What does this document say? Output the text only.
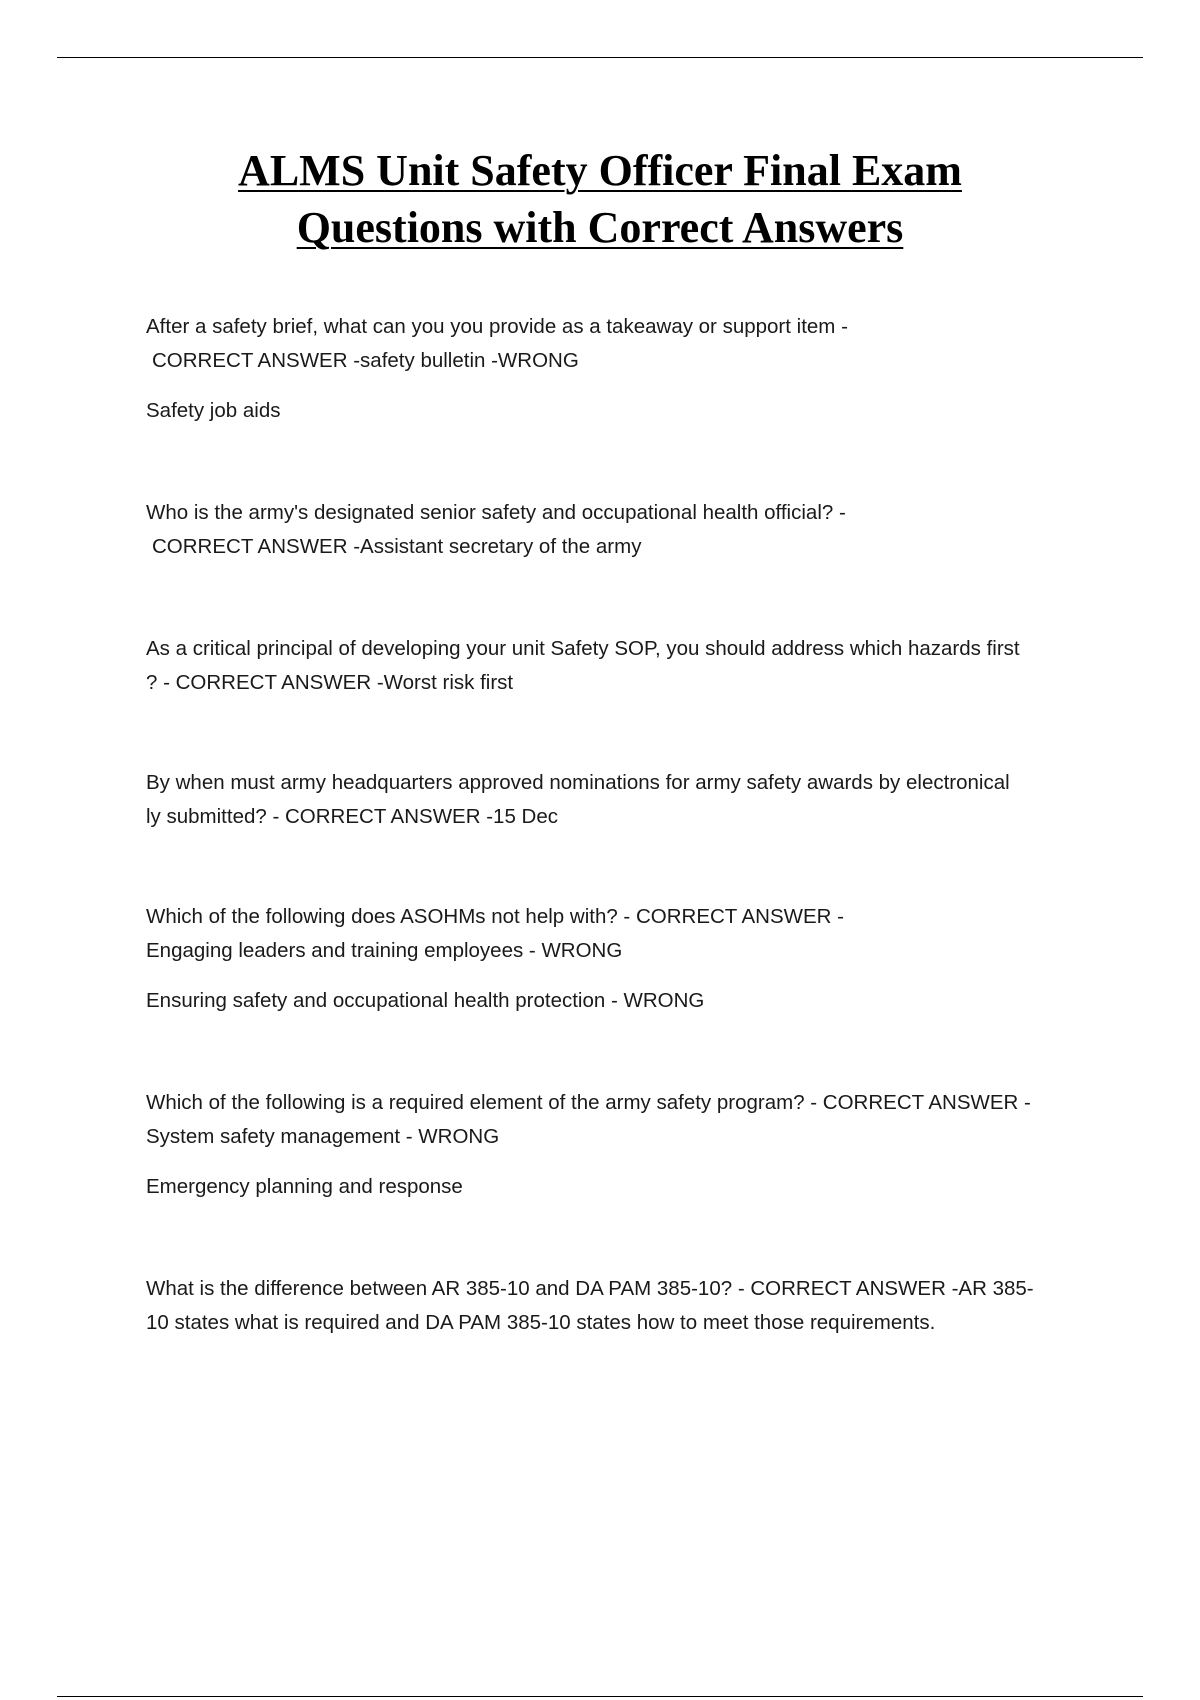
ALMS Unit Safety Officer Final Exam
Questions with Correct Answers

After a safety brief, what can you you provide as a takeaway or support item -
CORRECT ANSWER -safety bulletin -WRONG

Safety job aids

Who is the army's designated senior safety and occupational health official? -
CORRECT ANSWER -Assistant secretary of the army

As a critical principal of developing your unit Safety SOP, you should address which hazards first
? - CORRECT ANSWER -Worst risk first

By when must army headquarters approved nominations for army safety awards by electronical
ly submitted? - CORRECT ANSWER -15 Dec

Which of the following does ASOHMs not help with? - CORRECT ANSWER -
Engaging leaders and training employees - WRONG

Ensuring safety and occupational health protection - WRONG

Which of the following is a required element of the army safety program? - CORRECT ANSWER -
System safety management - WRONG

Emergency planning and response

What is the difference between AR 385-10 and DA PAM 385-10? - CORRECT ANSWER -AR 385-
10 states what is required and DA PAM 385-10 states how to meet those requirements.
